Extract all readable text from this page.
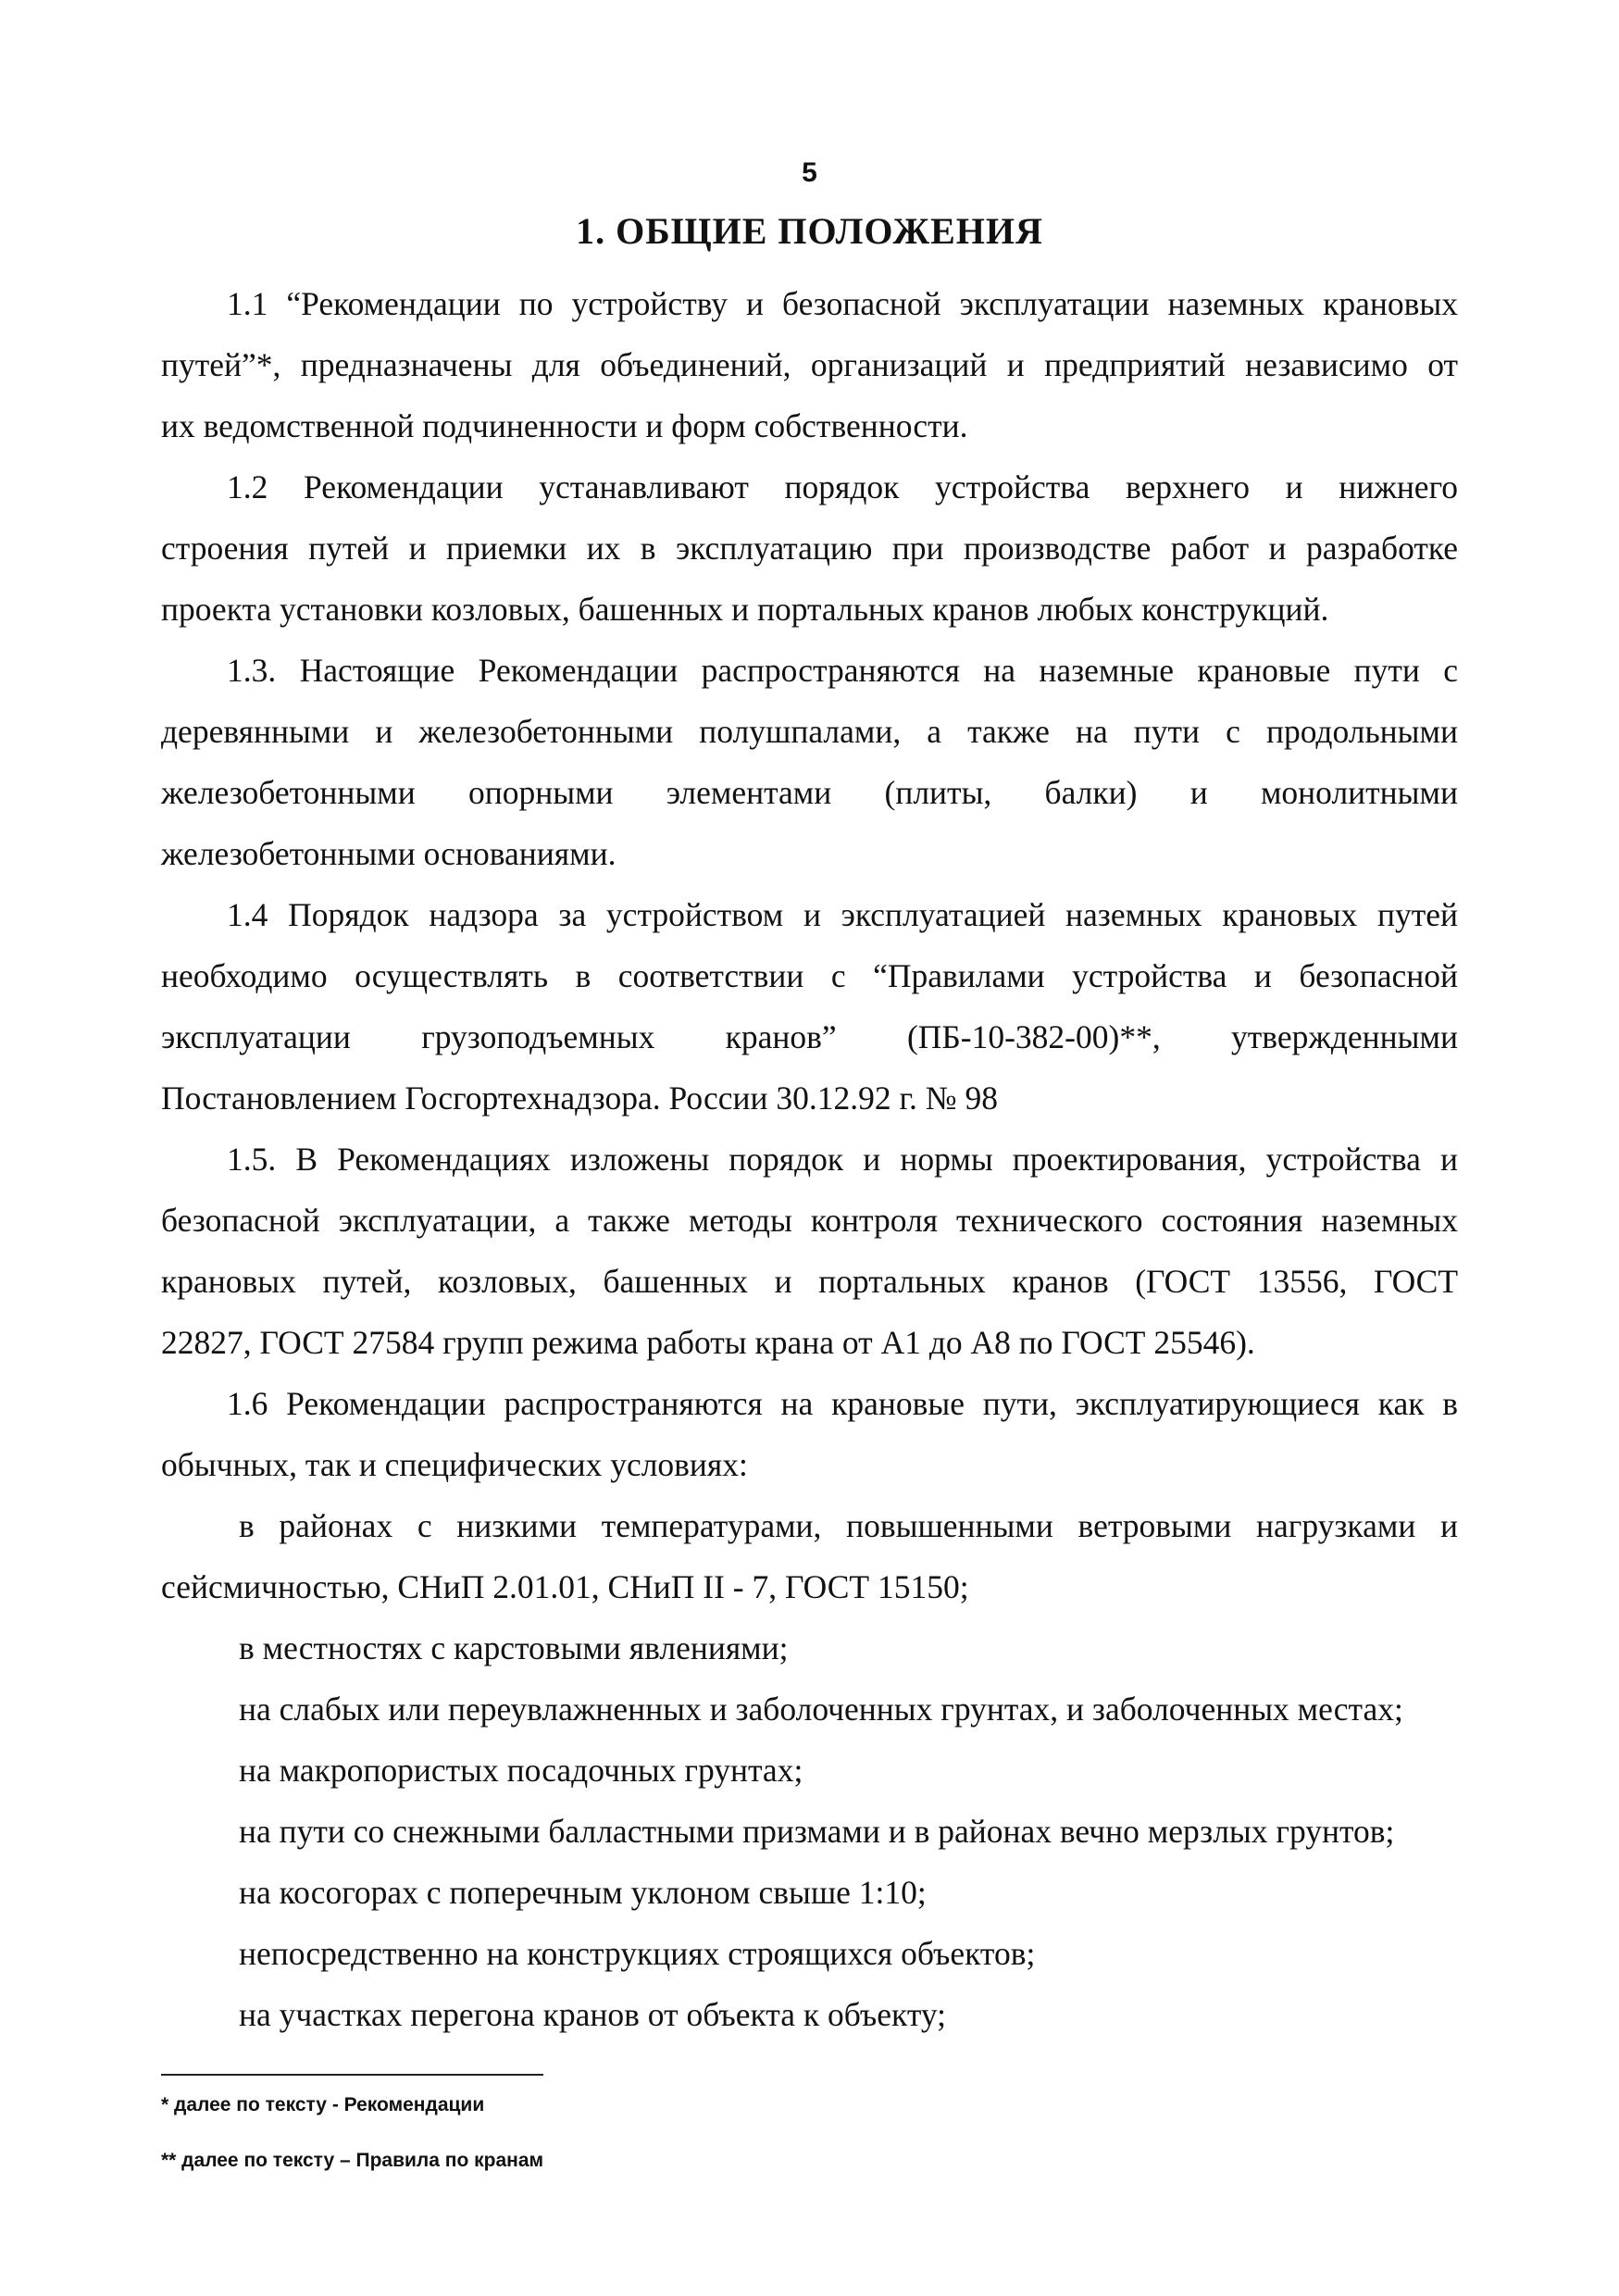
5
1. ОБЩИЕ ПОЛОЖЕНИЯ
1.1 “Рекомендации по устройству и безопасной эксплуатации наземных крановых
путей”*, предназначены для объединений, организаций и предприятий независимо от
их ведомственной подчиненности и форм собственности.
1.2 Рекомендации устанавливают порядок устройства верхнего и нижнего
строения путей и приемки их в эксплуатацию при производстве работ и разработке
проекта установки козловых, башенных и портальных кранов любых конструкций.
1.3. Настоящие Рекомендации распространяются на наземные крановые пути с
деревянными и железобетонными полушпалами, а также на пути с продольными
железобетонными опорными элементами (плиты, балки) и монолитными
железобетонными основаниями.
1.4 Порядок надзора за устройством и эксплуатацией наземных крановых путей
необходимо осуществлять в соответствии с “Правилами устройства и безопасной
эксплуатации грузоподъемных кранов” (ПБ-10-382-00)**, утвержденными
Постановлением Госгортехнадзора. России 30.12.92 г. № 98
1.5. В Рекомендациях изложены порядок и нормы проектирования, устройства и
безопасной эксплуатации, а также методы контроля технического состояния наземных
крановых путей, козловых, башенных и портальных кранов (ГОСТ 13556, ГОСТ
22827, ГОСТ 27584 групп режима работы крана от А1 до А8 по ГОСТ 25546).
1.6 Рекомендации распространяются на крановые пути, эксплуатирующиеся как в
обычных, так и специфических условиях:
в районах с низкими температурами, повышенными ветровыми нагрузками и
сейсмичностью, СНиП 2.01.01, СНиП II - 7, ГОСТ 15150;
в местностях с карстовыми явлениями;
на слабых или переувлажненных и заболоченных грунтах, и заболоченных местах;
на макропористых посадочных грунтах;
на пути со снежными балластными призмами и в районах вечно мерзлых грунтов;
на косогорах с поперечным уклоном свыше 1:10;
непосредственно на конструкциях строящихся объектов;
на участках перегона кранов от объекта к объекту;
* далее по тексту - Рекомендации
** далее по тексту – Правила по кранам
